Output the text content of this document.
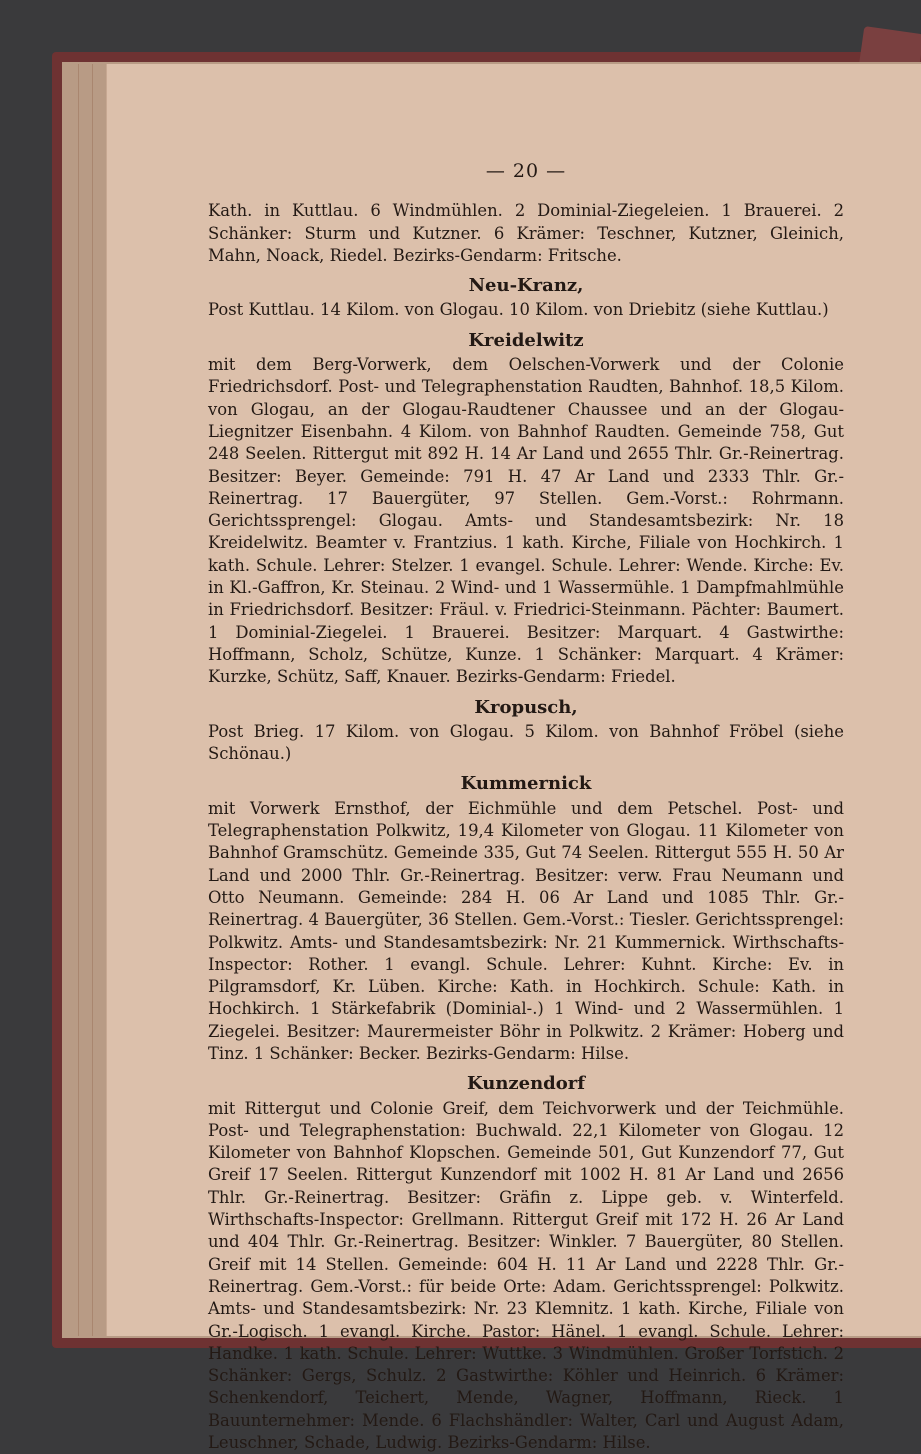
— 20 —
Kath. in Kuttlau. 6 Windmühlen. 2 Dominial-Ziegeleien. 1 Brauerei. 2 Schänker: Sturm und Kutzner. 6 Krämer: Teschner, Kutzner, Gleinich, Mahn, Noack, Riedel. Bezirks-Gendarm: Fritsche.
Neu-Kranz,
Post Kuttlau. 14 Kilom. von Glogau. 10 Kilom. von Driebitz (siehe Kuttlau.)
Kreidelwitz
mit dem Berg-Vorwerk, dem Oelschen-Vorwerk und der Colonie Friedrichsdorf. Post- und Telegraphenstation Raudten, Bahnhof. 18,5 Kilom. von Glogau, an der Glogau-Raudtener Chaussee und an der Glogau-Liegnitzer Eisenbahn. 4 Kilom. von Bahnhof Raudten. Gemeinde 758, Gut 248 Seelen. Rittergut mit 892 H. 14 Ar Land und 2655 Thlr. Gr.-Reinertrag. Besitzer: Beyer. Gemeinde: 791 H. 47 Ar Land und 2333 Thlr. Gr.-Reinertrag. 17 Bauergüter, 97 Stellen. Gem.-Vorst.: Rohrmann. Gerichtssprengel: Glogau. Amts- und Standesamtsbezirk: Nr. 18 Kreidelwitz. Beamter v. Frantzius. 1 kath. Kirche, Filiale von Hochkirch. 1 kath. Schule. Lehrer: Stelzer. 1 evangel. Schule. Lehrer: Wende. Kirche: Ev. in Kl.-Gaffron, Kr. Steinau. 2 Wind- und 1 Wassermühle. 1 Dampfmahlmühle in Friedrichsdorf. Besitzer: Fräul. v. Friedrici-Steinmann. Pächter: Baumert. 1 Dominial-Ziegelei. 1 Brauerei. Besitzer: Marquart. 4 Gastwirthe: Hoffmann, Scholz, Schütze, Kunze. 1 Schänker: Marquart. 4 Krämer: Kurzke, Schütz, Saff, Knauer. Bezirks-Gendarm: Friedel.
Kropusch,
Post Brieg. 17 Kilom. von Glogau. 5 Kilom. von Bahnhof Fröbel (siehe Schönau.)
Kummernick
mit Vorwerk Ernsthof, der Eichmühle und dem Petschel. Post- und Telegraphenstation Polkwitz, 19,4 Kilometer von Glogau. 11 Kilometer von Bahnhof Gramschütz. Gemeinde 335, Gut 74 Seelen. Rittergut 555 H. 50 Ar Land und 2000 Thlr. Gr.-Reinertrag. Besitzer: verw. Frau Neumann und Otto Neumann. Gemeinde: 284 H. 06 Ar Land und 1085 Thlr. Gr.-Reinertrag. 4 Bauergüter, 36 Stellen. Gem.-Vorst.: Tiesler. Gerichtssprengel: Polkwitz. Amts- und Standesamtsbezirk: Nr. 21 Kummernick. Wirthschafts-Inspector: Rother. 1 evangl. Schule. Lehrer: Kuhnt. Kirche: Ev. in Pilgramsdorf, Kr. Lüben. Kirche: Kath. in Hochkirch. Schule: Kath. in Hochkirch. 1 Stärkefabrik (Dominial-.) 1 Wind- und 2 Wassermühlen. 1 Ziegelei. Besitzer: Maurermeister Böhr in Polkwitz. 2 Krämer: Hoberg und Tinz. 1 Schänker: Becker. Bezirks-Gendarm: Hilse.
Kunzendorf
mit Rittergut und Colonie Greif, dem Teichvorwerk und der Teichmühle. Post- und Telegraphenstation: Buchwald. 22,1 Kilometer von Glogau. 12 Kilometer von Bahnhof Klopschen. Gemeinde 501, Gut Kunzendorf 77, Gut Greif 17 Seelen. Rittergut Kunzendorf mit 1002 H. 81 Ar Land und 2656 Thlr. Gr.-Reinertrag. Besitzer: Gräfin z. Lippe geb. v. Winterfeld. Wirthschafts-Inspector: Grellmann. Rittergut Greif mit 172 H. 26 Ar Land und 404 Thlr. Gr.-Reinertrag. Besitzer: Winkler. 7 Bauergüter, 80 Stellen. Greif mit 14 Stellen. Gemeinde: 604 H. 11 Ar Land und 2228 Thlr. Gr.-Reinertrag. Gem.-Vorst.: für beide Orte: Adam. Gerichtssprengel: Polkwitz. Amts- und Standesamtsbezirk: Nr. 23 Klemnitz. 1 kath. Kirche, Filiale von Gr.-Logisch. 1 evangl. Kirche. Pastor: Hänel. 1 evangl. Schule. Lehrer: Handke. 1 kath. Schule. Lehrer: Wuttke. 3 Windmühlen. Großer Torfstich. 2 Schänker: Gergs, Schulz. 2 Gastwirthe: Köhler und Heinrich. 6 Krämer: Schenkendorf, Teichert, Mende, Wagner, Hoffmann, Rieck. 1 Bauunternehmer: Mende. 6 Flachshändler: Walter, Carl und August Adam, Leuschner, Schade, Ludwig. Bezirks-Gendarm: Hilse.
